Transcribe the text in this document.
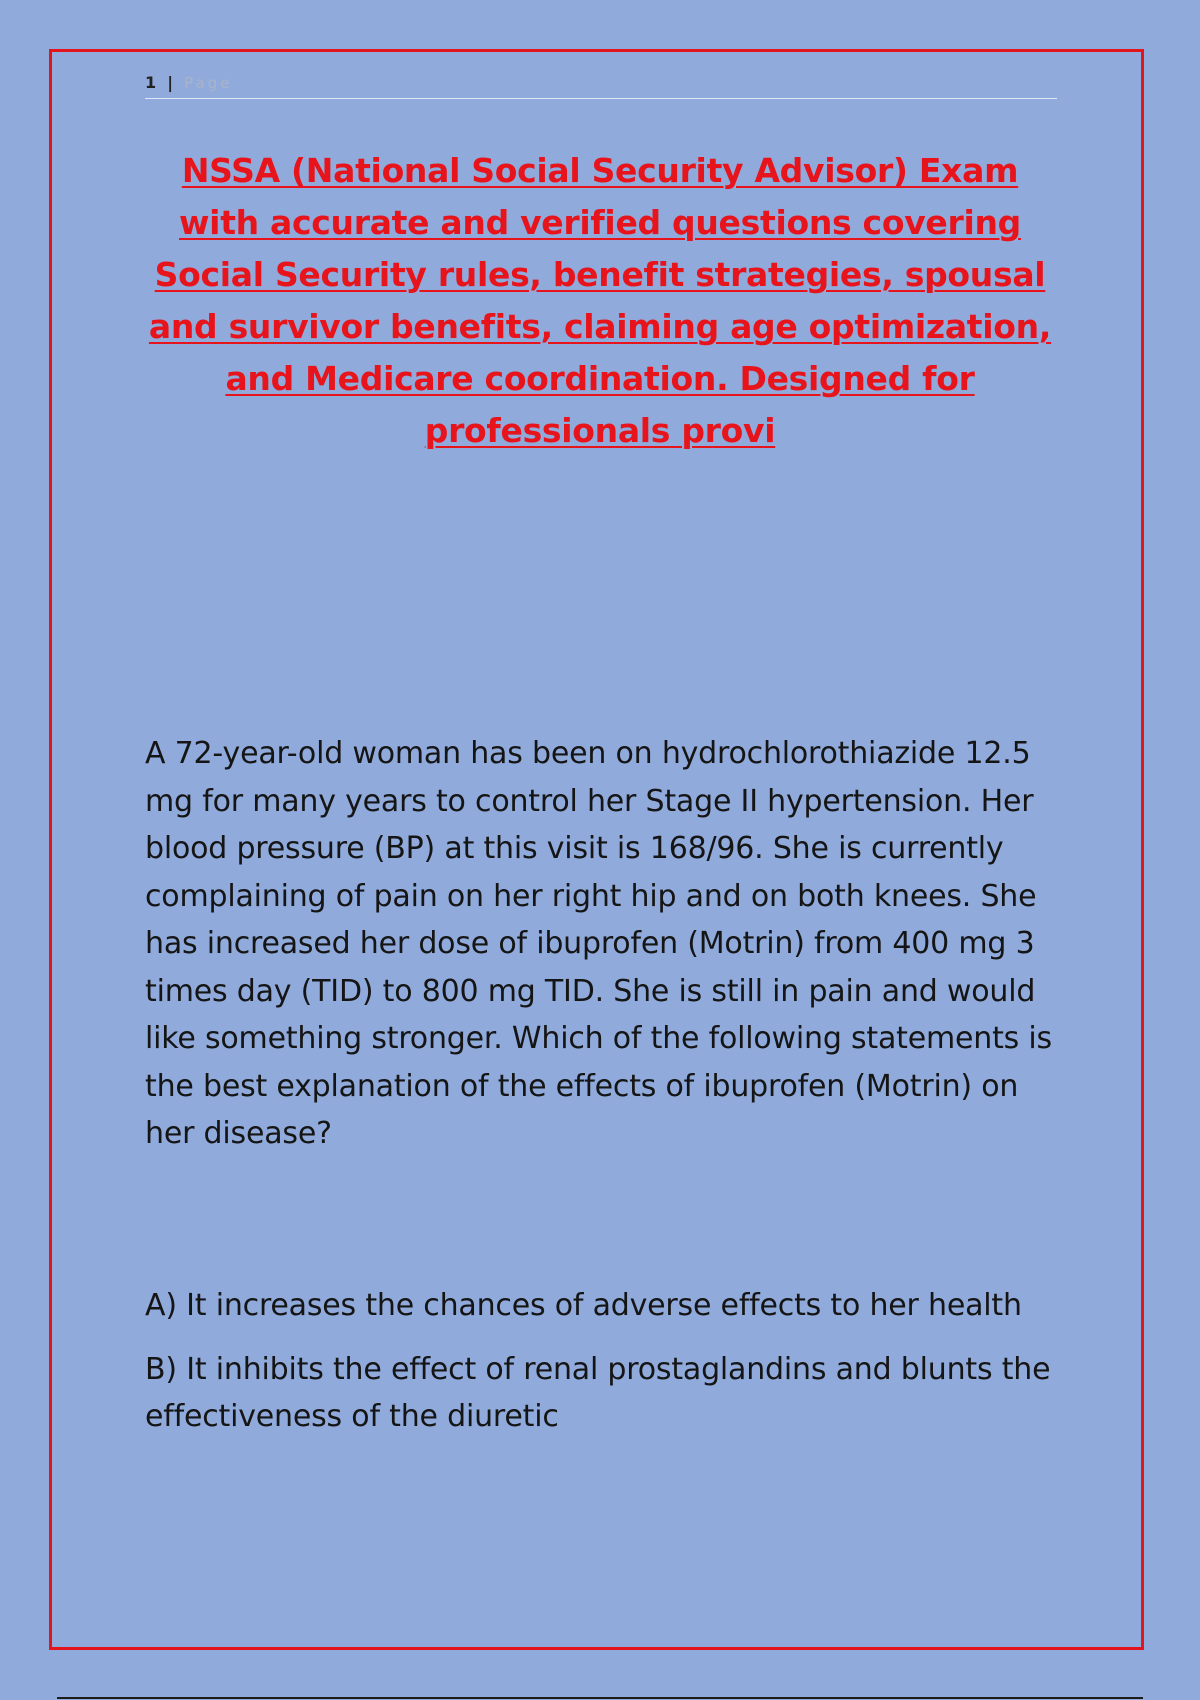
1 | Page
NSSA (National Social Security Advisor) Exam with accurate and verified questions covering Social Security rules, benefit strategies, spousal and survivor benefits, claiming age optimization, and Medicare coordination. Designed for professionals provi

A 72-year-old woman has been on hydrochlorothiazide 12.5 mg for many years to control her Stage II hypertension. Her blood pressure (BP) at this visit is 168/96. She is currently complaining of pain on her right hip and on both knees. She has increased her dose of ibuprofen (Motrin) from 400 mg 3 times day (TID) to 800 mg TID. She is still in pain and would like something stronger. Which of the following statements is the best explanation of the effects of ibuprofen (Motrin) on her disease?

A) It increases the chances of adverse effects to her health
B) It inhibits the effect of renal prostaglandins and blunts the effectiveness of the diuretic
